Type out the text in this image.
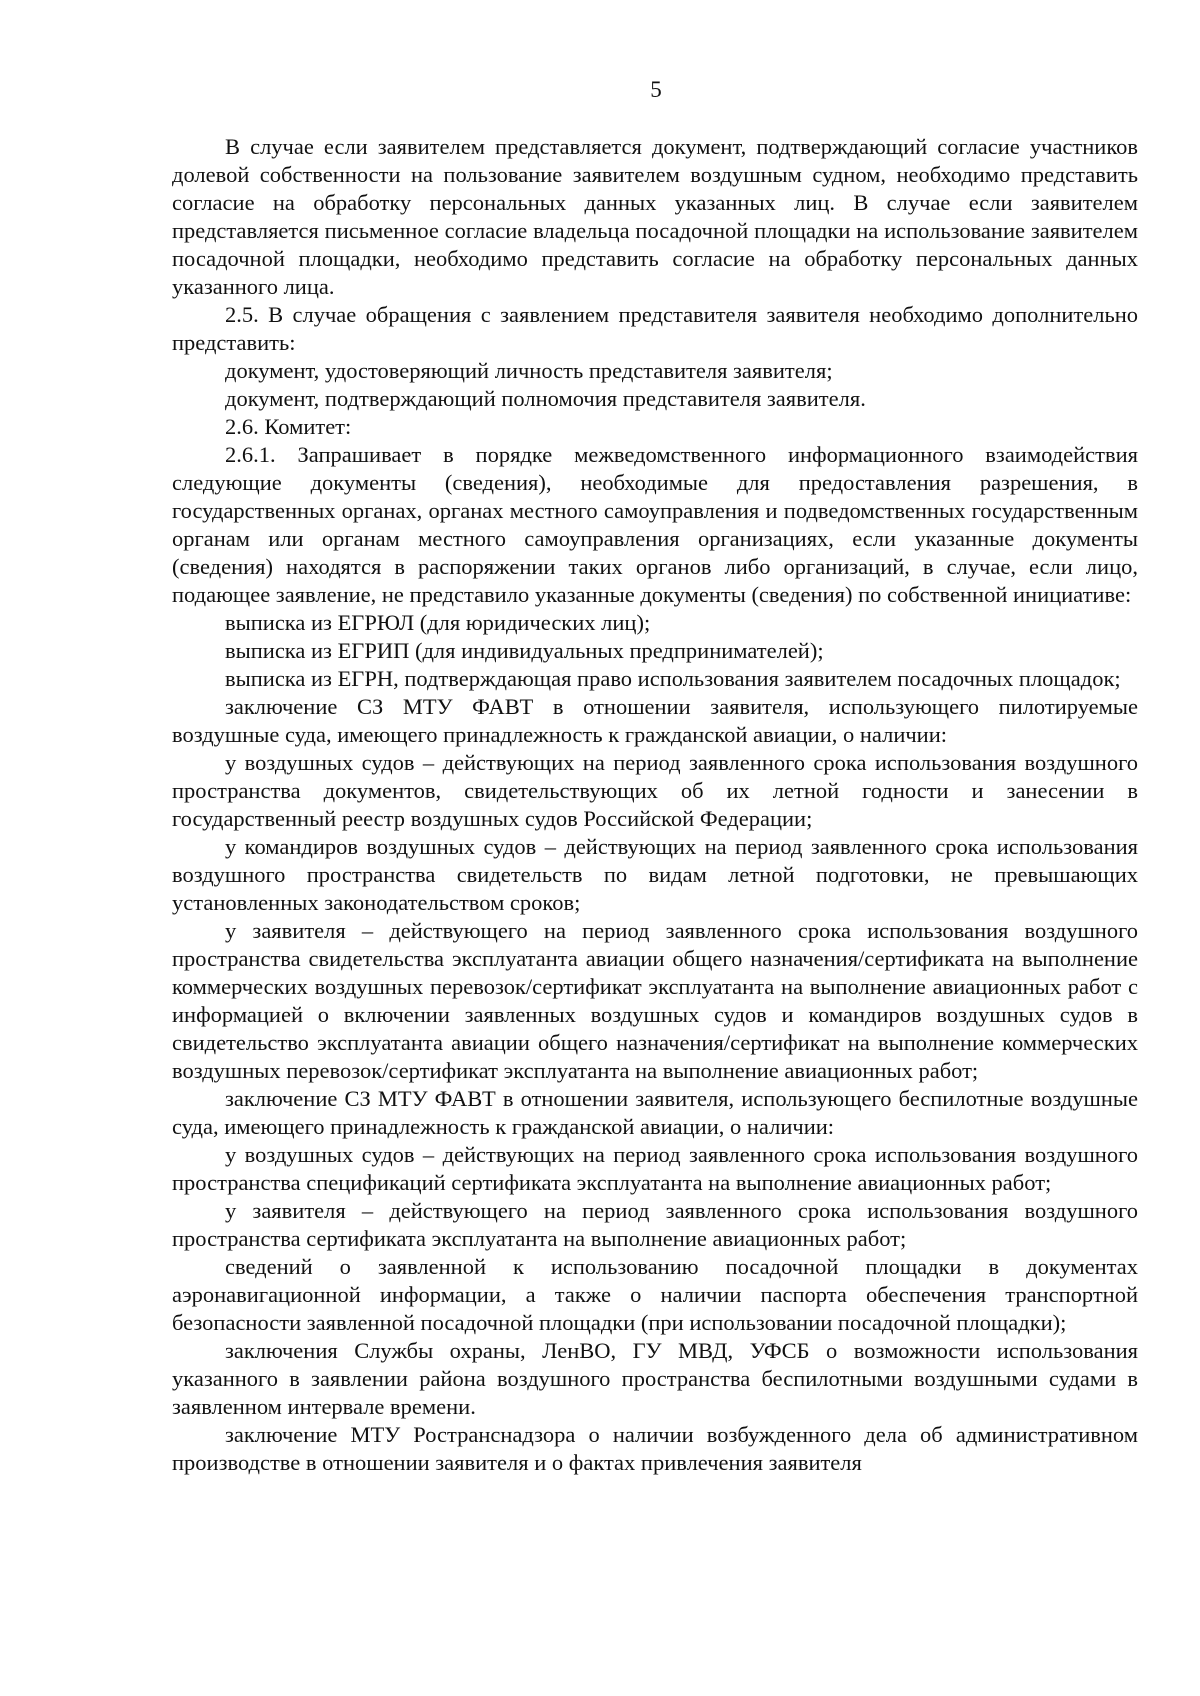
5

В случае если заявителем представляется документ, подтверждающий согласие участников долевой собственности на пользование заявителем воздушным судном, необходимо представить согласие на обработку персональных данных указанных лиц. В случае если заявителем представляется письменное согласие владельца посадочной площадки на использование заявителем посадочной площадки, необходимо представить согласие на обработку персональных данных указанного лица.

2.5. В случае обращения с заявлением представителя заявителя необходимо дополнительно представить:

документ, удостоверяющий личность представителя заявителя;

документ, подтверждающий полномочия представителя заявителя.

2.6. Комитет:

2.6.1. Запрашивает в порядке межведомственного информационного взаимодействия следующие документы (сведения), необходимые для предоставления разрешения, в государственных органах, органах местного самоуправления и подведомственных государственным органам или органам местного самоуправления организациях, если указанные документы (сведения) находятся в распоряжении таких органов либо организаций, в случае, если лицо, подающее заявление, не представило указанные документы (сведения) по собственной инициативе:

выписка из ЕГРЮЛ (для юридических лиц);

выписка из ЕГРИП (для индивидуальных предпринимателей);

выписка из ЕГРН, подтверждающая право использования заявителем посадочных площадок;

заключение СЗ МТУ ФАВТ в отношении заявителя, использующего пилотируемые воздушные суда, имеющего принадлежность к гражданской авиации, о наличии:

у воздушных судов – действующих на период заявленного срока использования воздушного пространства документов, свидетельствующих об их летной годности и занесении в государственный реестр воздушных судов Российской Федерации;

у командиров воздушных судов – действующих на период заявленного срока использования воздушного пространства свидетельств по видам летной подготовки, не превышающих установленных законодательством сроков;

у заявителя – действующего на период заявленного срока использования воздушного пространства свидетельства эксплуатанта авиации общего назначения/сертификата на выполнение коммерческих воздушных перевозок/сертификат эксплуатанта на выполнение авиационных работ с информацией о включении заявленных воздушных судов и командиров воздушных судов в свидетельство эксплуатанта авиации общего назначения/сертификат на выполнение коммерческих воздушных перевозок/сертификат эксплуатанта на выполнение авиационных работ;

заключение СЗ МТУ ФАВТ в отношении заявителя, использующего беспилотные воздушные суда, имеющего принадлежность к гражданской авиации, о наличии:

у воздушных судов – действующих на период заявленного срока использования воздушного пространства спецификаций сертификата эксплуатанта на выполнение авиационных работ;

у заявителя – действующего на период заявленного срока использования воздушного пространства сертификата эксплуатанта на выполнение авиационных работ;

сведений о заявленной к использованию посадочной площадки в документах аэронавигационной информации, а также о наличии паспорта обеспечения транспортной безопасности заявленной посадочной площадки (при использовании посадочной площадки);

заключения Службы охраны, ЛенВО, ГУ МВД, УФСБ о возможности использования указанного в заявлении района воздушного пространства беспилотными воздушными судами в заявленном интервале времени.

заключение МТУ Ространснадзора о наличии возбужденного дела об административном производстве в отношении заявителя и о фактах привлечения заявителя
